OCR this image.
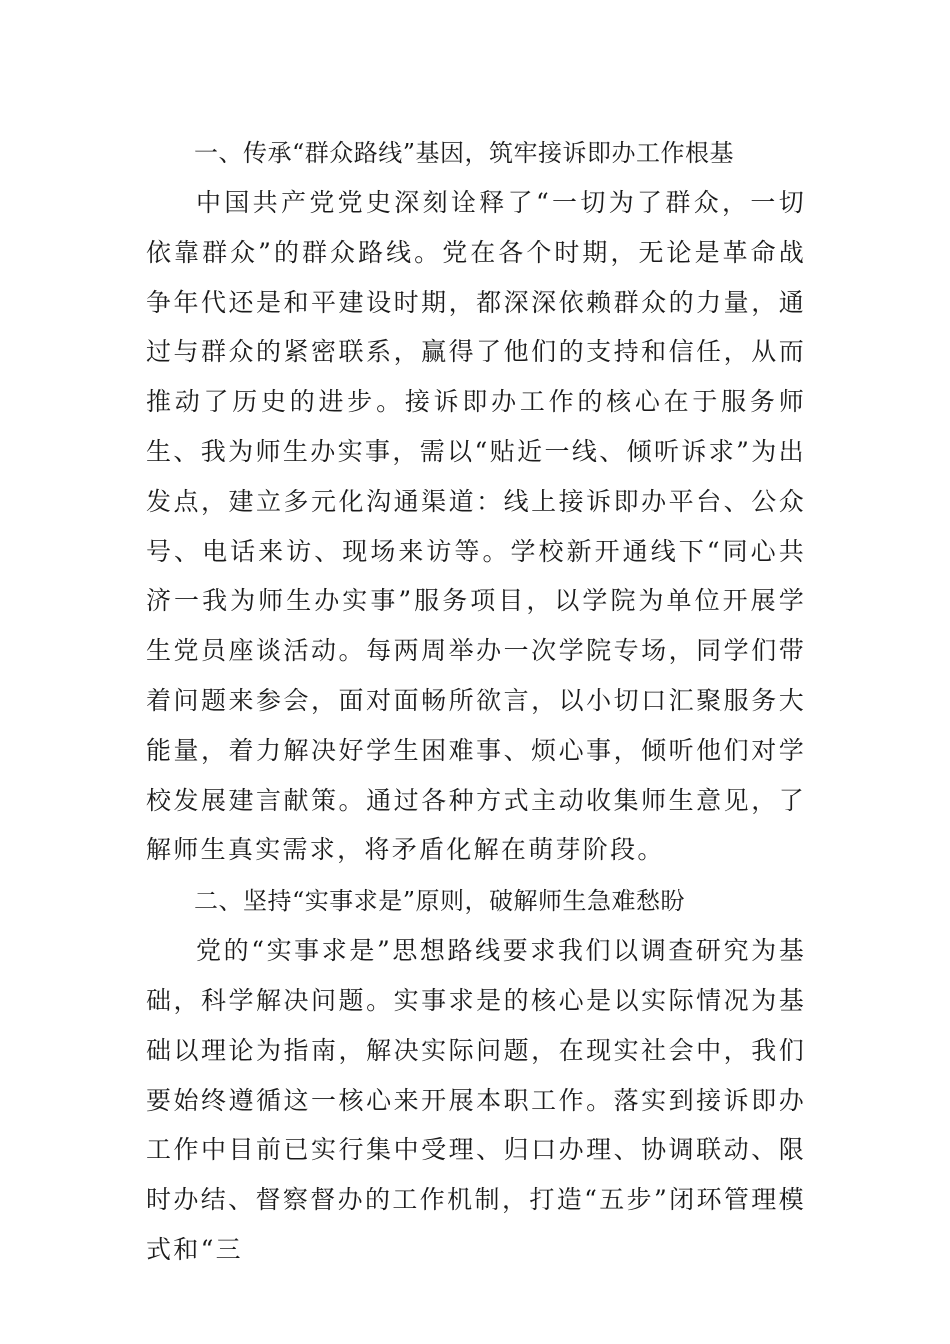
一、传承“群众路线”基因，筑牢接诉即办工作根基

中国共产党党史深刻诠释了“一切为了群众，一切依靠群众”的群众路线。党在各个时期，无论是革命战争年代还是和平建设时期，都深深依赖群众的力量，通过与群众的紧密联系，赢得了他们的支持和信任，从而推动了历史的进步。接诉即办工作的核心在于服务师生、我为师生办实事，需以“贴近一线、倾听诉求”为出发点，建立多元化沟通渠道：线上接诉即办平台、公众号、电话来访、现场来访等。学校新开通线下“同心共济一我为师生办实事”服务项目，以学院为单位开展学生党员座谈活动。每两周举办一次学院专场，同学们带着问题来参会，面对面畅所欲言，以小切口汇聚服务大能量，着力解决好学生困难事、烦心事，倾听他们对学校发展建言献策。通过各种方式主动收集师生意见，了解师生真实需求，将矛盾化解在萌芽阶段。

二、坚持“实事求是”原则，破解师生急难愁盼

党的“实事求是”思想路线要求我们以调查研究为基础，科学解决问题。实事求是的核心是以实际情况为基础以理论为指南，解决实际问题，在现实社会中，我们要始终遵循这一核心来开展本职工作。落实到接诉即办工作中目前已实行集中受理、归口办理、协调联动、限时办结、督察督办的工作机制，打造“五步”闭环管理模式和“三
